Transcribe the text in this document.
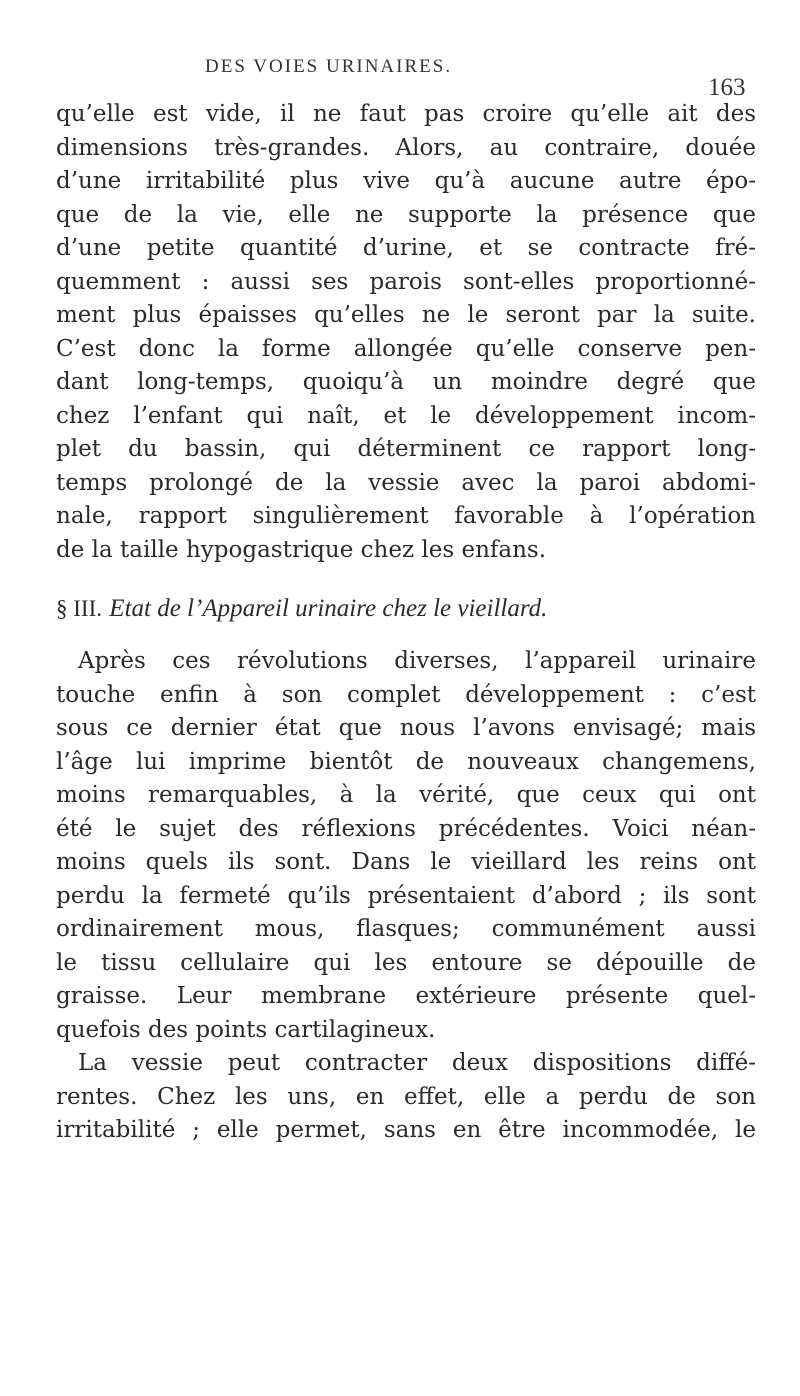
DES VOIES URINAIRES.
163
qu’elle est vide, il ne faut pas croire qu’elle ait des
dimensions très-grandes. Alors, au contraire, douée
d’une irritabilité plus vive qu’à aucune autre épo-
que de la vie, elle ne supporte la présence que
d’une petite quantité d’urine, et se contracte fré-
quemment : aussi ses parois sont-elles proportionné-
ment plus épaisses qu’elles ne le seront par la suite.
C’est donc la forme allongée qu’elle conserve pen-
dant long-temps, quoiqu’à un moindre degré que
chez l’enfant qui naît, et le développement incom-
plet du bassin, qui déterminent ce rapport long-
temps prolongé de la vessie avec la paroi abdomi-
nale, rapport singulièrement favorable à l’opération
de la taille hypogastrique chez les enfans.
§ III. Etat de l’Appareil urinaire chez le vieillard.
Après ces révolutions diverses, l’appareil urinaire
touche enfin à son complet développement : c’est
sous ce dernier état que nous l’avons envisagé; mais
l’âge lui imprime bientôt de nouveaux changemens,
moins remarquables, à la vérité, que ceux qui ont
été le sujet des réflexions précédentes. Voici néan-
moins quels ils sont. Dans le vieillard les reins ont
perdu la fermeté qu’ils présentaient d’abord ; ils sont
ordinairement mous, flasques; communément aussi
le tissu cellulaire qui les entoure se dépouille de
graisse. Leur membrane extérieure présente quel-
quefois des points cartilagineux.
La vessie peut contracter deux dispositions diffé-
rentes. Chez les uns, en effet, elle a perdu de son
irritabilité ; elle permet, sans en être incommodée, le
